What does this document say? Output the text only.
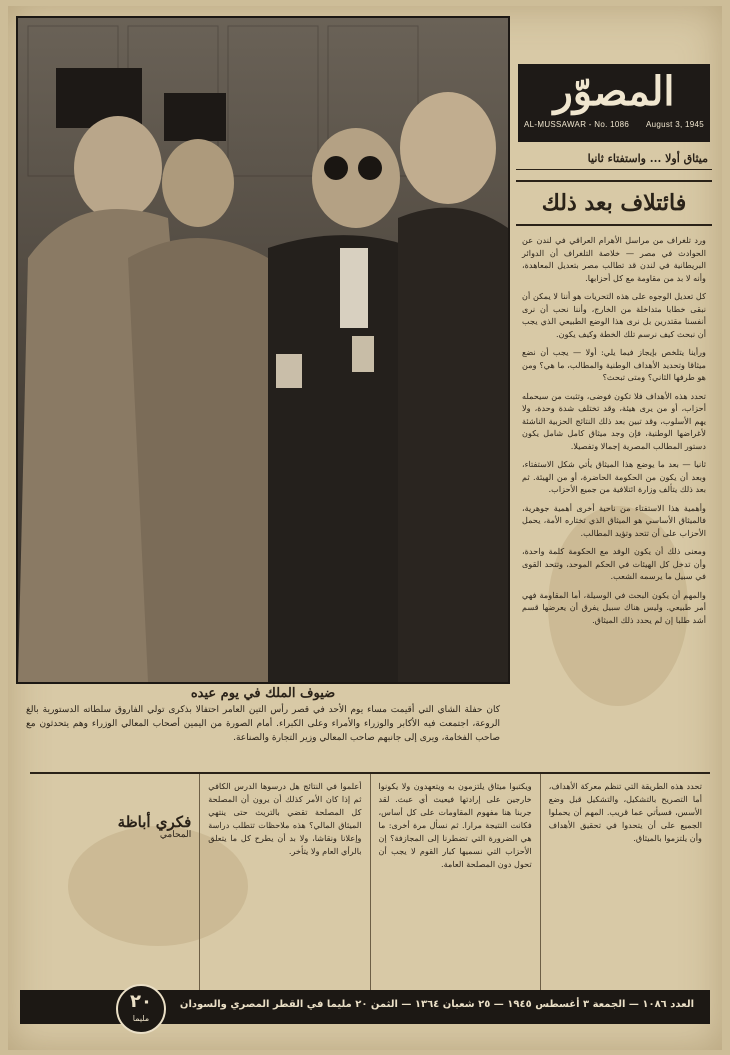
ضيوف الملك في يوم عيده
كان حفلة الشاي التي أقيمت مساء يوم الأحد في قصر رأس التين العامر احتفالا بذكرى تولي الفاروق سلطاته الدستورية بالغ الروعة، اجتمعت فيه الأكابر والوزراء والأمراء وعلى الكبراء. أمام الصورة من اليمين أصحاب المعالي الوزراء وهم يتحدثون مع صاحب الفخامة، ويرى إلى جانبهم صاحب المعالي وزير التجارة والصناعة.
المصوّر
AL-MUSSAWAR - No. 1086 August 3, 1945
ميثاق أولا ... واستفتاء ثانيا
فائتلاف بعد ذلك

ورد تلغراف من مراسل الأهرام العراقي في لندن عن الحوادث في مصر — خلاصة التلغراف أن الدوائر البريطانية في لندن قد تطالب مصر بتعديل المعاهدة، وأنه لا بد من مقاومة مع كل أحزابها.

كل تعديل الوجوه على هذه التحريات هو أننا لا يمكن أن نبقى خطابا متداخلة من الخارج، وأننا نحب أن نرى أنفسنا مقتدرين بل نرى هذا الوضع الطبيعي الذي يجب أن نبحث كيف نرسم تلك الخطة وكيف يكون.

ورأينا يتلخص بإيجاز فيما يلي: أولا — يجب أن نضع ميثاقا وتحديد الأهداف الوطنية والمطالب، ما هي؟ ومن هو طرفها الثاني؟ ومتى تبحث؟

تحدد هذه الأهداف فلا تكون فوضى، وتثبت من سيحمله أحزاب، أو من يرى هيئة، وقد تختلف شدة وحدة، ولا يهم الأسلوب، وقد تبين بعد ذلك النتائج الحزبية الناشئة لأغراضها الوطنية، فإن وجد ميثاق كامل شامل يكون دستور المطالب المصرية إجمالا وتفصيلا.

ثانيا — بعد ما يوضع هذا الميثاق يأتي شكل الاستفتاء، وبعد أن يكون من الحكومة الحاضرة، أو من الهيئة. ثم بعد ذلك يتألف وزارة ائتلافية من جميع الأحزاب.

وأهمية هذا الاستفتاء من ناحية أخرى أهمية جوهرية، فالميثاق الأساسي هو الميثاق الذي تختاره الأمة، يحمل الأحزاب على أن تتحد وتؤيد المطالب.

ومعنى ذلك أن يكون الوفد مع الحكومة كلمة واحدة، وأن تدخل كل الهيئات في الحكم الموحد، وتتحد القوى في سبيل ما يرسمه الشعب.

والمهم أن يكون البحث في الوسيلة، أما المقاومة فهي أمر طبيعي. وليس هناك سبيل يفرق أن يعرضها قسم أشد طلبا إن لم يحدد ذلك الميثاق.

تحدد هذه الطريقة التي تنظم معركة الأهداف، أما التصريح بالتشكيل، والتشكيل قبل وضع الأسس، فسيأتي عما قريب. المهم أن يحملوا الجميع على أن يتحدوا في تحقيق الأهداف وأن يلتزموا بالميثاق.
ويكتبوا ميثاق يلتزمون به ويتعهدون ولا يكونوا خارجين على إرادتها فيعيث أي عبث. لقد جربنا هنا مفهوم المقاومات على كل أساس، فكانت النتيجة مرارا. ثم نسأل مرة أخرى: ما هي الضرورة التي تضطرنا إلى المجازفة؟ إن الأحزاب التي نسميها كبار القوم لا يجب أن تحول دون المصلحة العامة.
أعلموا في النتائج هل درسوها الدرس الكافي ثم إذا كان الأمر كذلك أن يرون أن المصلحة كل المصلحة تقضي بالتريث حتى ينتهي الميثاق المالي؟ هذه ملاحظات تتطلب دراسة وإعلانا ونقاشا، ولا بد أن يطرح كل ما يتعلق بالرأي العام ولا يتأخر.
فكري أباظة
المحامي
العدد ١٠٨٦ — الجمعة ٣ أغسطس ١٩٤٥ — ٢٥ شعبان ١٣٦٤ — الثمن ٢٠ مليما في القطر المصري والسودان
٢٠
مليما
